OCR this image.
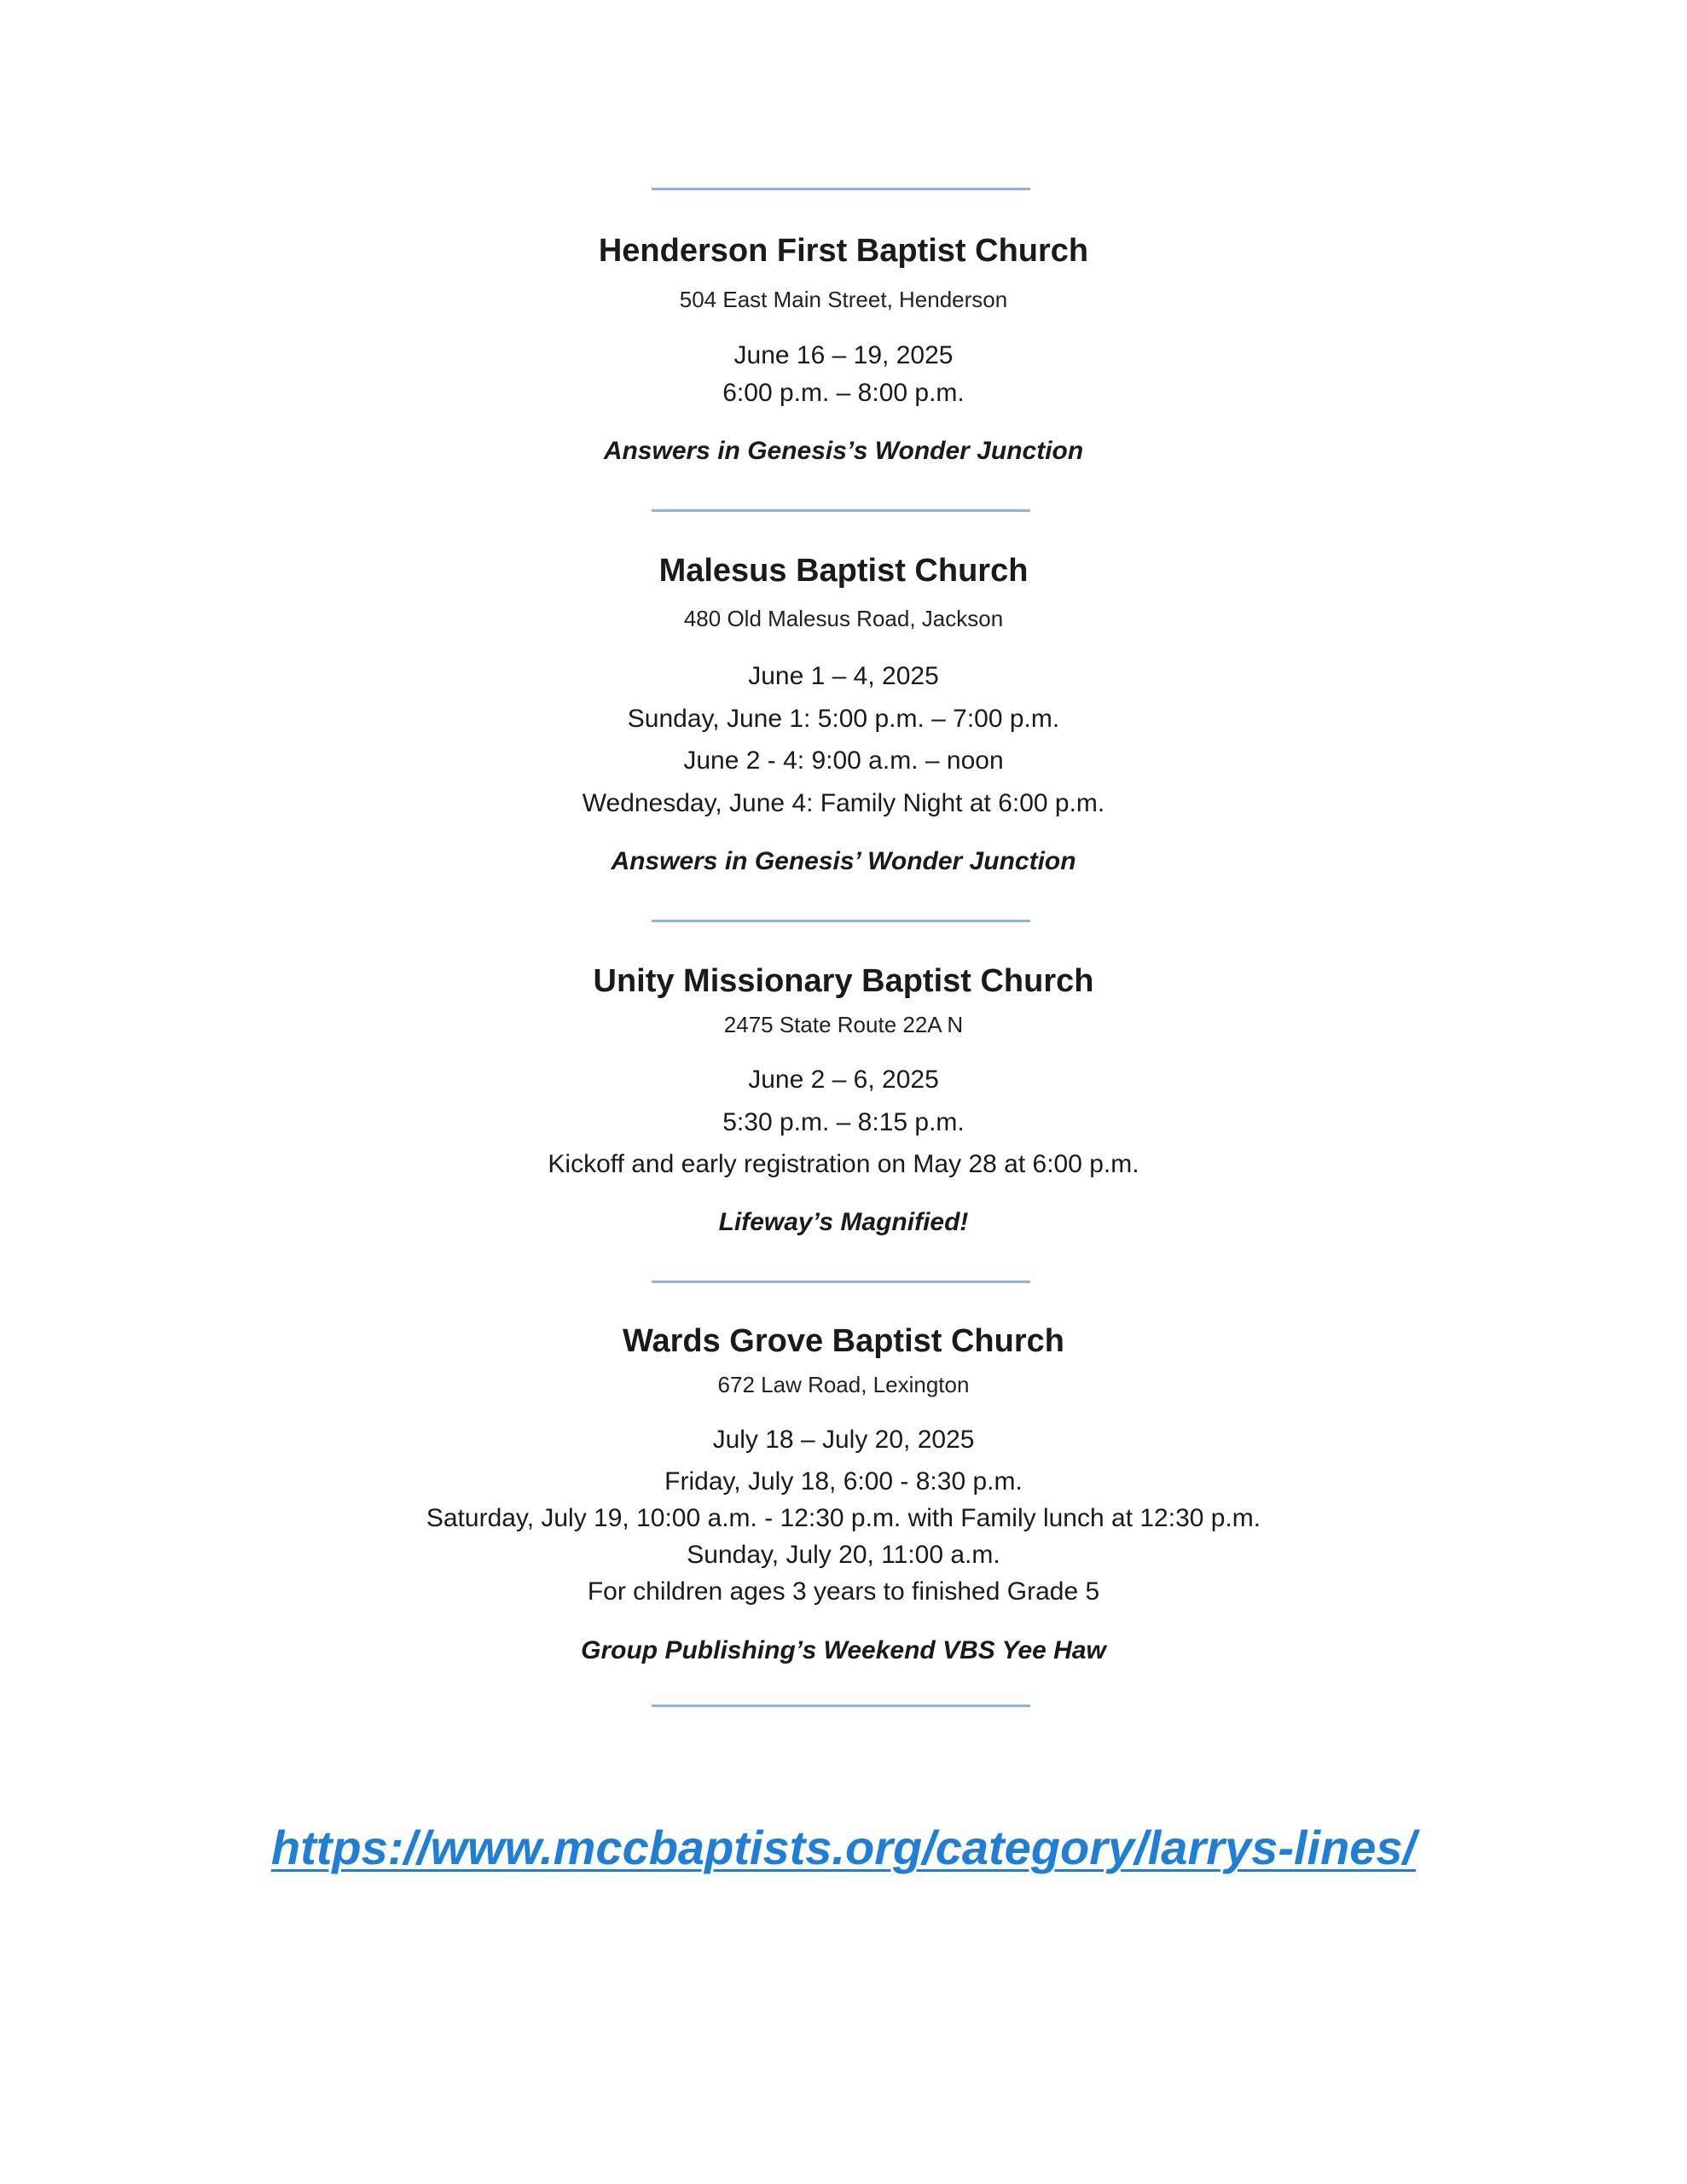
Henderson First Baptist Church
504 East Main Street, Henderson
June 16 – 19, 2025
6:00 p.m. – 8:00 p.m.
Answers in Genesis’s Wonder Junction
Malesus Baptist Church
480 Old Malesus Road, Jackson
June 1 – 4, 2025
Sunday, June 1: 5:00 p.m. – 7:00 p.m.
June 2 - 4: 9:00 a.m. – noon
Wednesday, June 4: Family Night at 6:00 p.m.
Answers in Genesis’ Wonder Junction
Unity Missionary Baptist Church
2475 State Route 22A N
June 2 – 6, 2025
5:30 p.m. – 8:15 p.m.
Kickoff and early registration on May 28 at 6:00 p.m.
Lifeway’s Magnified!
Wards Grove Baptist Church
672 Law Road, Lexington
July 18 – July 20, 2025
Friday, July 18, 6:00 - 8:30 p.m.
Saturday, July 19, 10:00 a.m. - 12:30 p.m. with Family lunch at 12:30 p.m.
Sunday, July 20, 11:00 a.m.
For children ages 3 years to finished Grade 5
Group Publishing’s Weekend VBS Yee Haw
https://www.mccbaptists.org/category/larrys-lines/
